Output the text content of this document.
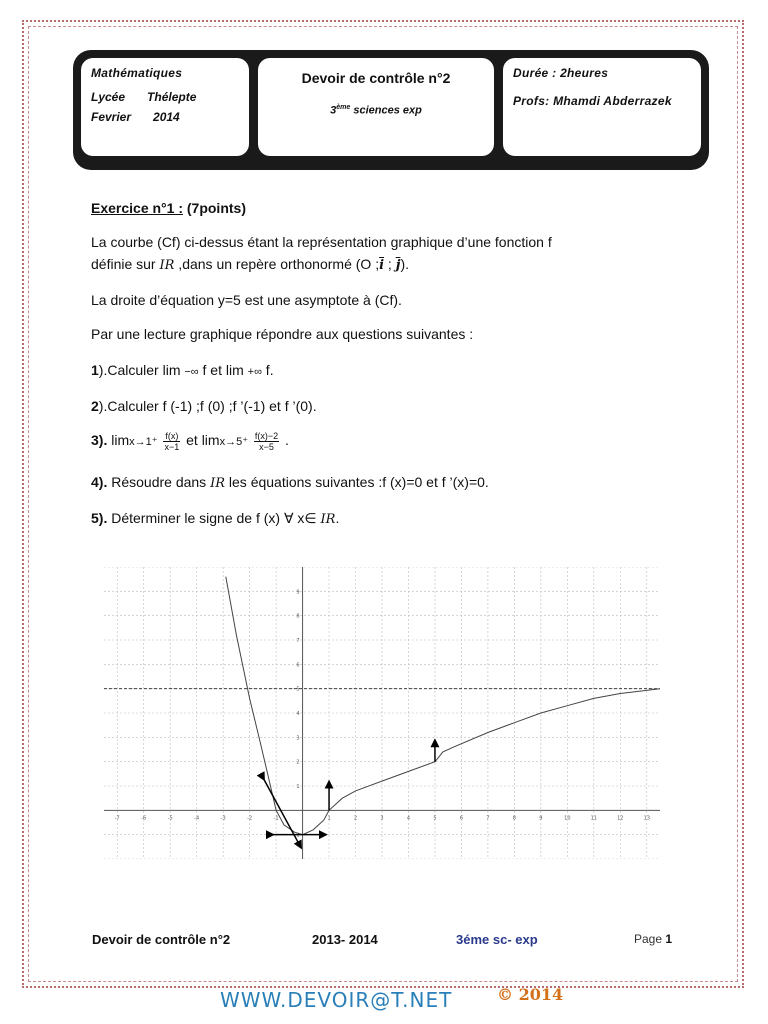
Mathématiques
Lycée Thélepte
Fevrier 2014
Devoir de contrôle n°2
3ème sciences exp
Durée : 2heures
Profs: Mhamdi Abderrazek
Exercice n°1 : (7points)
La courbe (Cf) ci-dessus étant la représentation graphique d’une fonction f
définie sur IR ,dans un repère orthonormé (O $;\overline{i}$ ; $\overline{j}$).
La droite d’équation y=5 est une asymptote à (Cf).
Par une lecture graphique répondre aux questions suivantes :
1).Calculer lim −∞ f et lim +∞ f.
2).Calculer f (-1) ;f (0) ;f ’(-1) et f ’(0).
3). $\lim x\to 1^+ \frac{f(x)}{x-1}$ et $\lim x\to 5^+ \frac{f(x)-2}{x-5}$ .
4). Résoudre dans IR les équations suivantes :f (x)=0 et f ’(x)=0.
5). Déterminer le signe de f (x) ∀ x∈ IR.
-7	-6	-5	-4	-3	-2	-1	1	2	3	4	5	6	7	8	9	10	11	12	13
-1
1
2
3
4
5
6
7
8
9
Devoir de contrôle n°2	2013- 2014	3éme sc- exp	Page 1
WWW.DEVOIR@T.NET	© 2014
